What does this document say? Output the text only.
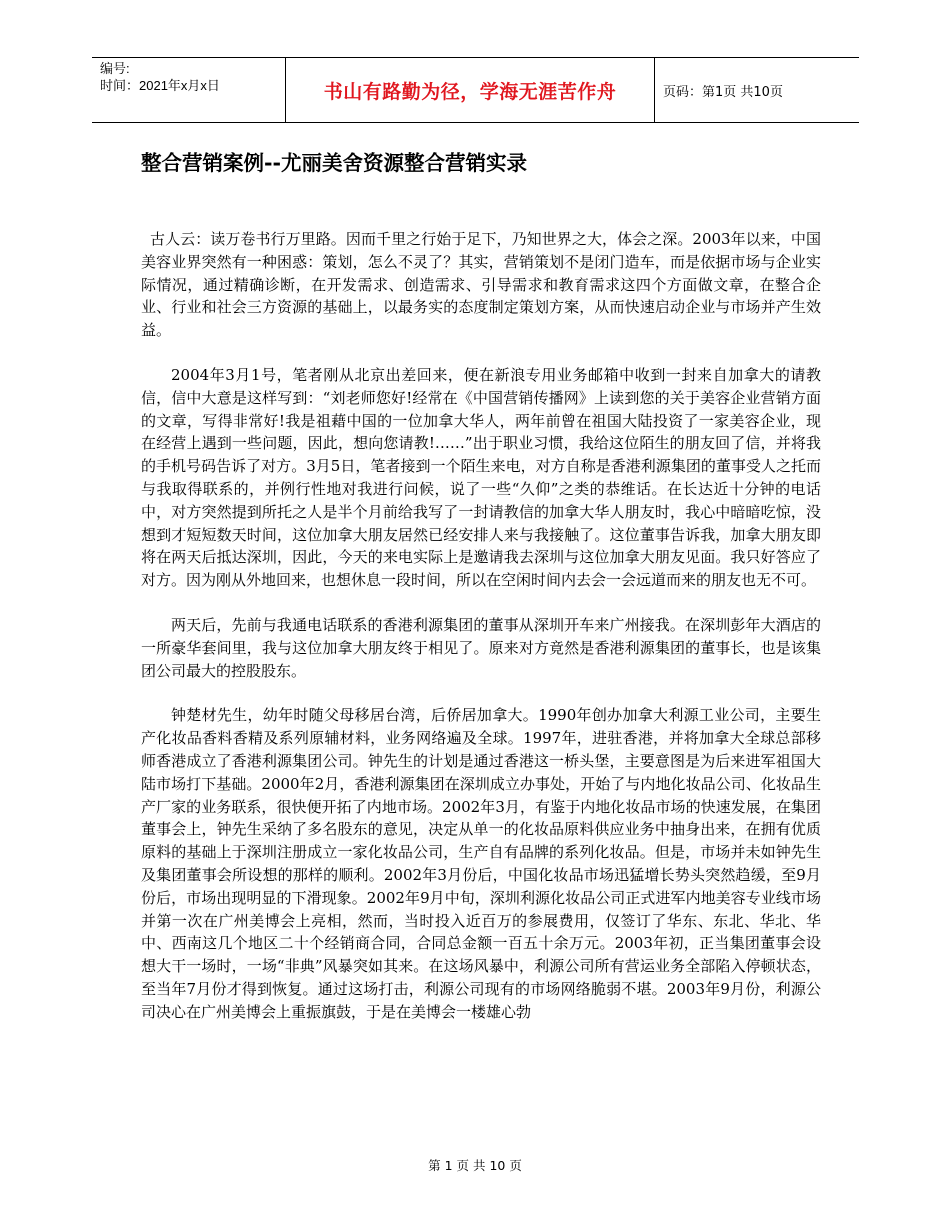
编号:
时间：2021年x月x日	书山有路勤为径，学海无涯苦作舟	页码：第1页 共10页
整合营销案例--尤丽美舍资源整合营销实录

古人云：读万卷书行万里路。因而千里之行始于足下，乃知世界之大，体会之深。2003年以来，中国美容业界突然有一种困惑：策划，怎么不灵了？其实，营销策划不是闭门造车，而是依据市场与企业实际情况，通过精确诊断，在开发需求、创造需求、引导需求和教育需求这四个方面做文章，在整合企业、行业和社会三方资源的基础上，以最务实的态度制定策划方案，从而快速启动企业与市场并产生效益。

2004年3月1号，笔者刚从北京出差回来，便在新浪专用业务邮箱中收到一封来自加拿大的请教信，信中大意是这样写到：“刘老师您好!经常在《中国营销传播网》上读到您的关于美容企业营销方面的文章，写得非常好!我是祖藉中国的一位加拿大华人，两年前曾在祖国大陆投资了一家美容企业，现在经营上遇到一些问题，因此，想向您请教!……”出于职业习惯，我给这位陌生的朋友回了信，并将我的手机号码告诉了对方。3月5日，笔者接到一个陌生来电，对方自称是香港利源集团的董事受人之托而与我取得联系的，并例行性地对我进行问候，说了一些“久仰”之类的恭维话。在长达近十分钟的电话中，对方突然提到所托之人是半个月前给我写了一封请教信的加拿大华人朋友时，我心中暗暗吃惊，没想到才短短数天时间，这位加拿大朋友居然已经安排人来与我接触了。这位董事告诉我，加拿大朋友即将在两天后抵达深圳，因此，今天的来电实际上是邀请我去深圳与这位加拿大朋友见面。我只好答应了对方。因为刚从外地回来，也想休息一段时间，所以在空闲时间内去会一会远道而来的朋友也无不可。

两天后，先前与我通电话联系的香港利源集团的董事从深圳开车来广州接我。在深圳彭年大酒店的一所豪华套间里，我与这位加拿大朋友终于相见了。原来对方竟然是香港利源集团的董事长，也是该集团公司最大的控股股东。

钟楚材先生，幼年时随父母移居台湾，后侨居加拿大。1990年创办加拿大利源工业公司，主要生产化妆品香料香精及系列原辅材料，业务网络遍及全球。1997年，进驻香港，并将加拿大全球总部移师香港成立了香港利源集团公司。钟先生的计划是通过香港这一桥头堡，主要意图是为后来进军祖国大陆市场打下基础。2000年2月，香港利源集团在深圳成立办事处，开始了与内地化妆品公司、化妆品生产厂家的业务联系，很快便开拓了内地市场。2002年3月，有鉴于内地化妆品市场的快速发展，在集团董事会上，钟先生采纳了多名股东的意见，决定从单一的化妆品原料供应业务中抽身出来，在拥有优质原料的基础上于深圳注册成立一家化妆品公司，生产自有品牌的系列化妆品。但是，市场并未如钟先生及集团董事会所设想的那样的顺利。2002年3月份后，中国化妆品市场迅猛增长势头突然趋缓，至9月份后，市场出现明显的下滑现象。2002年9月中旬，深圳利源化妆品公司正式进军内地美容专业线市场并第一次在广州美博会上亮相，然而，当时投入近百万的参展费用，仅签订了华东、东北、华北、华中、西南这几个地区二十个经销商合同，合同总金额一百五十余万元。2003年初，正当集团董事会设想大干一场时，一场“非典”风暴突如其来。在这场风暴中，利源公司所有营运业务全部陷入停顿状态，至当年7月份才得到恢复。通过这场打击，利源公司现有的市场网络脆弱不堪。2003年9月份，利源公司决心在广州美博会上重振旗鼓，于是在美博会一楼雄心勃

第 1 页 共 10 页
